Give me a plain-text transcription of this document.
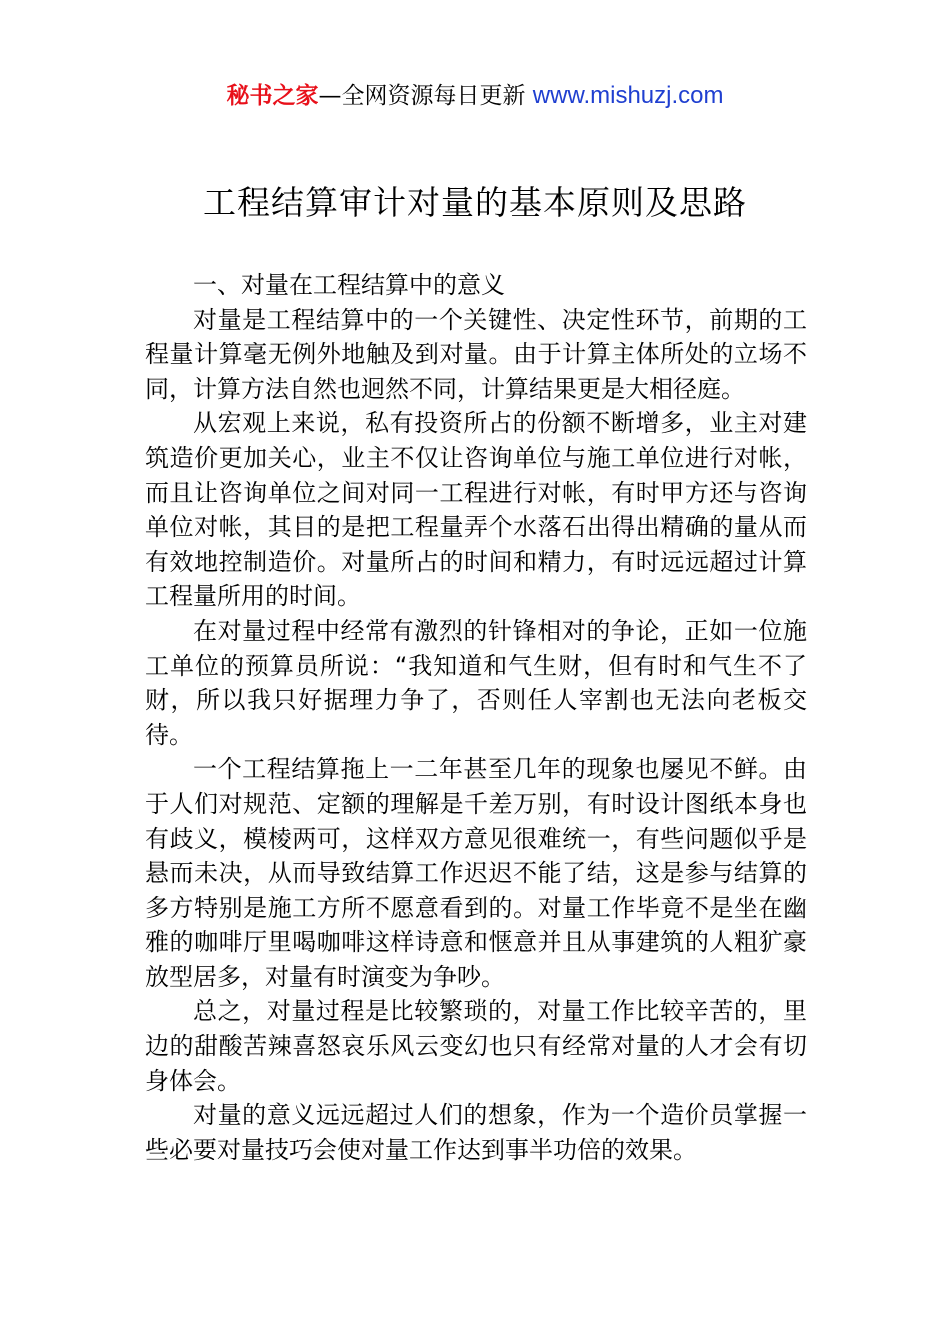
秘书之家—全网资源每日更新 www.mishuzj.com
工程结算审计对量的基本原则及思路

一、对量在工程结算中的意义

对量是工程结算中的一个关键性、决定性环节，前期的工程量计算毫无例外地触及到对量。由于计算主体所处的立场不同，计算方法自然也迥然不同，计算结果更是大相径庭。

从宏观上来说，私有投资所占的份额不断增多，业主对建筑造价更加关心，业主不仅让咨询单位与施工单位进行对帐，而且让咨询单位之间对同一工程进行对帐，有时甲方还与咨询单位对帐，其目的是把工程量弄个水落石出得出精确的量从而有效地控制造价。对量所占的时间和精力，有时远远超过计算工程量所用的时间。

在对量过程中经常有激烈的针锋相对的争论，正如一位施工单位的预算员所说：“我知道和气生财，但有时和气生不了财，所以我只好据理力争了，否则任人宰割也无法向老板交待。

一个工程结算拖上一二年甚至几年的现象也屡见不鲜。由于人们对规范、定额的理解是千差万别，有时设计图纸本身也有歧义，模棱两可，这样双方意见很难统一，有些问题似乎是悬而未决，从而导致结算工作迟迟不能了结，这是参与结算的多方特别是施工方所不愿意看到的。对量工作毕竟不是坐在幽雅的咖啡厅里喝咖啡这样诗意和惬意并且从事建筑的人粗犷豪放型居多，对量有时演变为争吵。

总之，对量过程是比较繁琐的，对量工作比较辛苦的，里边的甜酸苦辣喜怒哀乐风云变幻也只有经常对量的人才会有切身体会。

对量的意义远远超过人们的想象，作为一个造价员掌握一些必要对量技巧会使对量工作达到事半功倍的效果。
